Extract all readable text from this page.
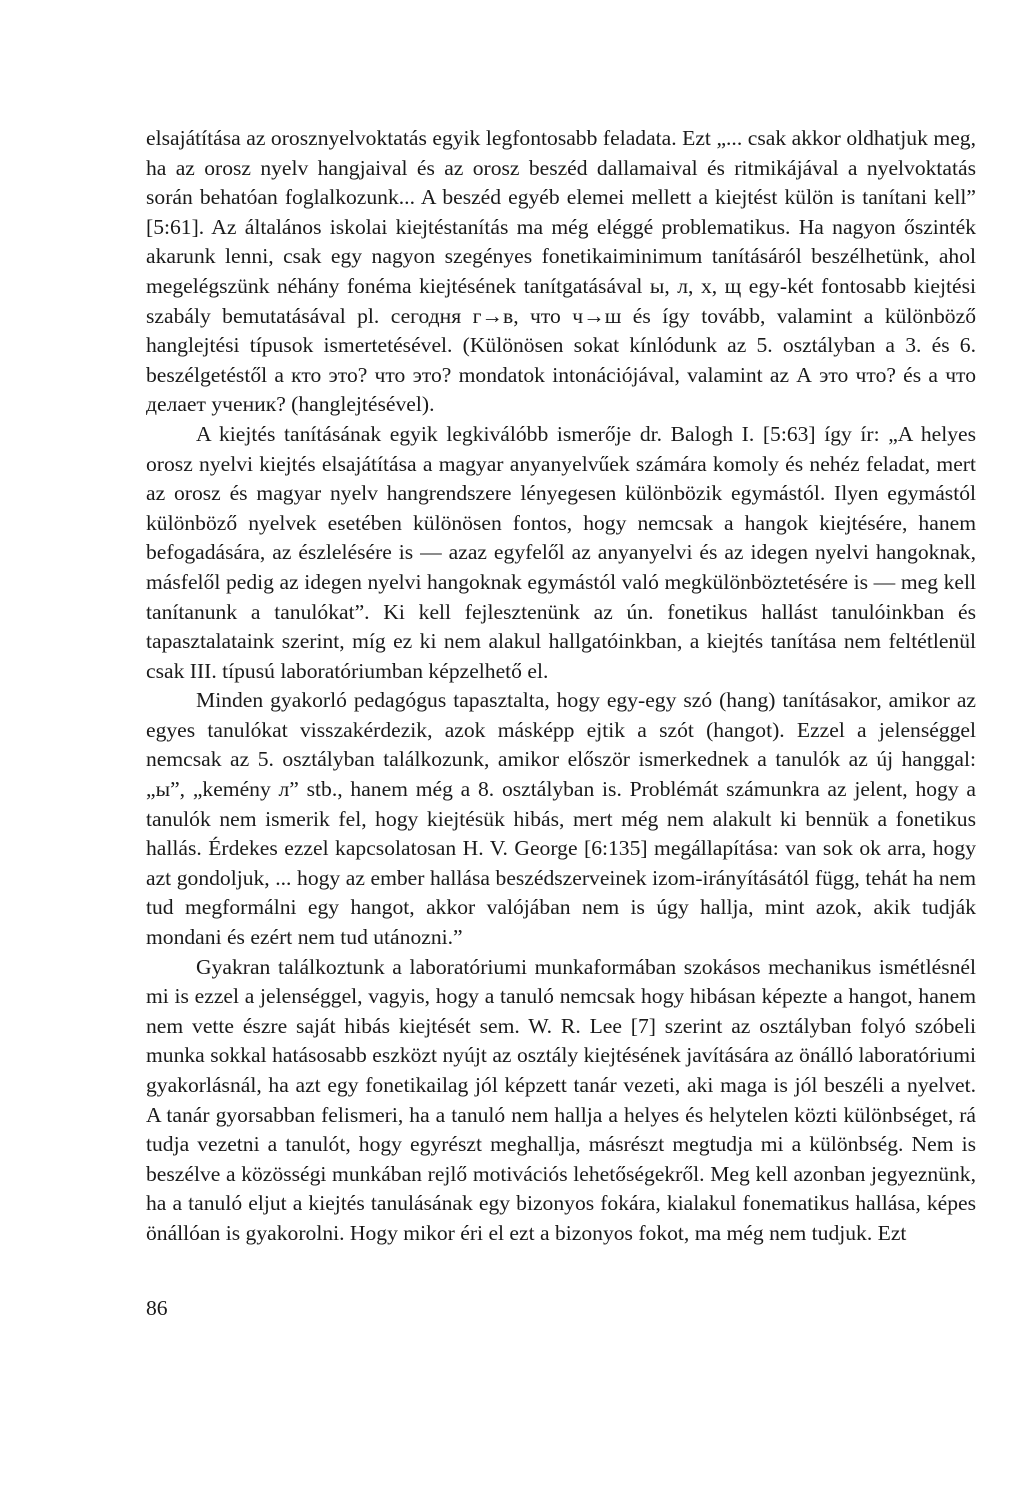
elsajátítása az orosznyelvoktatás egyik legfontosabb feladata. Ezt „... csak akkor oldhatjuk meg, ha az orosz nyelv hangjaival és az orosz beszéd dallamaival és ritmikájával a nyelvoktatás során behatóan foglalkozunk... A beszéd egyéb elemei mellett a kiejtést külön is tanítani kell” [5:61]. Az általános iskolai kiejtéstanítás ma még eléggé problematikus. Ha nagyon őszinték akarunk lenni, csak egy nagyon szegényes fonetikaiminimum tanításáról beszélhetünk, ahol megelégszünk néhány fonéma kiejtésének tanítgatásával ы, л, х, щ egy-két fontosabb kiejtési szabály bemutatásával pl. сегодня г→в, что ч→ш és így tovább, valamint a különböző hanglejtési típusok ismertetésével. (Különösen sokat kínlódunk az 5. osztályban a 3. és 6. beszélgetéstől a кто это? что это? mondatok intonációjával, valamint az А это что? és а что делает ученик? (hanglejtésével).

A kiejtés tanításának egyik legkiválóbb ismerője dr. Balogh I. [5:63] így ír: „A helyes orosz nyelvi kiejtés elsajátítása a magyar anyanyelvűek számára komoly és nehéz feladat, mert az orosz és magyar nyelv hangrendszere lényegesen különbözik egymástól. Ilyen egymástól különböző nyelvek esetében különösen fontos, hogy nemcsak a hangok kiejtésére, hanem befogadására, az észlelésére is — azaz egyfelől az anyanyelvi és az idegen nyelvi hangoknak, másfelől pedig az idegen nyelvi hangoknak egymástól való megkülönböztetésére is — meg kell tanítanunk a tanulókat”. Ki kell fejlesztenünk az ún. fonetikus hallást tanulóinkban és tapasztalataink szerint, míg ez ki nem alakul hallgatóinkban, a kiejtés tanítása nem feltétlenül csak III. típusú laboratóriumban képzelhető el.

Minden gyakorló pedagógus tapasztalta, hogy egy-egy szó (hang) tanításakor, amikor az egyes tanulókat visszakérdezik, azok másképp ejtik a szót (hangot). Ezzel a jelenséggel nemcsak az 5. osztályban találkozunk, amikor először ismerkednek a tanulók az új hanggal: „ы”, „kemény л” stb., hanem még a 8. osztályban is. Problémát számunkra az jelent, hogy a tanulók nem ismerik fel, hogy kiejtésük hibás, mert még nem alakult ki bennük a fonetikus hallás. Érdekes ezzel kapcsolatosan H. V. George [6:135] megállapítása: van sok ok arra, hogy azt gondoljuk, ... hogy az ember hallása beszédszerveinek izom-irányításától függ, tehát ha nem tud megformálni egy hangot, akkor valójában nem is úgy hallja, mint azok, akik tudják mondani és ezért nem tud utánozni.”

Gyakran találkoztunk a laboratóriumi munkaformában szokásos mechanikus ismétlésnél mi is ezzel a jelenséggel, vagyis, hogy a tanuló nemcsak hogy hibásan képezte a hangot, hanem nem vette észre saját hibás kiejtését sem. W. R. Lee [7] szerint az osztályban folyó szóbeli munka sokkal hatásosabb eszközt nyújt az osztály kiejtésének javítására az önálló laboratóriumi gyakorlásnál, ha azt egy fonetikailag jól képzett tanár vezeti, aki maga is jól beszéli a nyelvet. A tanár gyorsabban felismeri, ha a tanuló nem hallja a helyes és helytelen közti különbséget, rá tudja vezetni a tanulót, hogy egyrészt meghallja, másrészt megtudja mi a különbség. Nem is beszélve a közösségi munkában rejlő motivációs lehetőségekről. Meg kell azonban jegyeznünk, ha a tanuló eljut a kiejtés tanulásának egy bizonyos fokára, kialakul fonematikus hallása, képes önállóan is gyakorolni. Hogy mikor éri el ezt a bizonyos fokot, ma még nem tudjuk. Ezt

86
